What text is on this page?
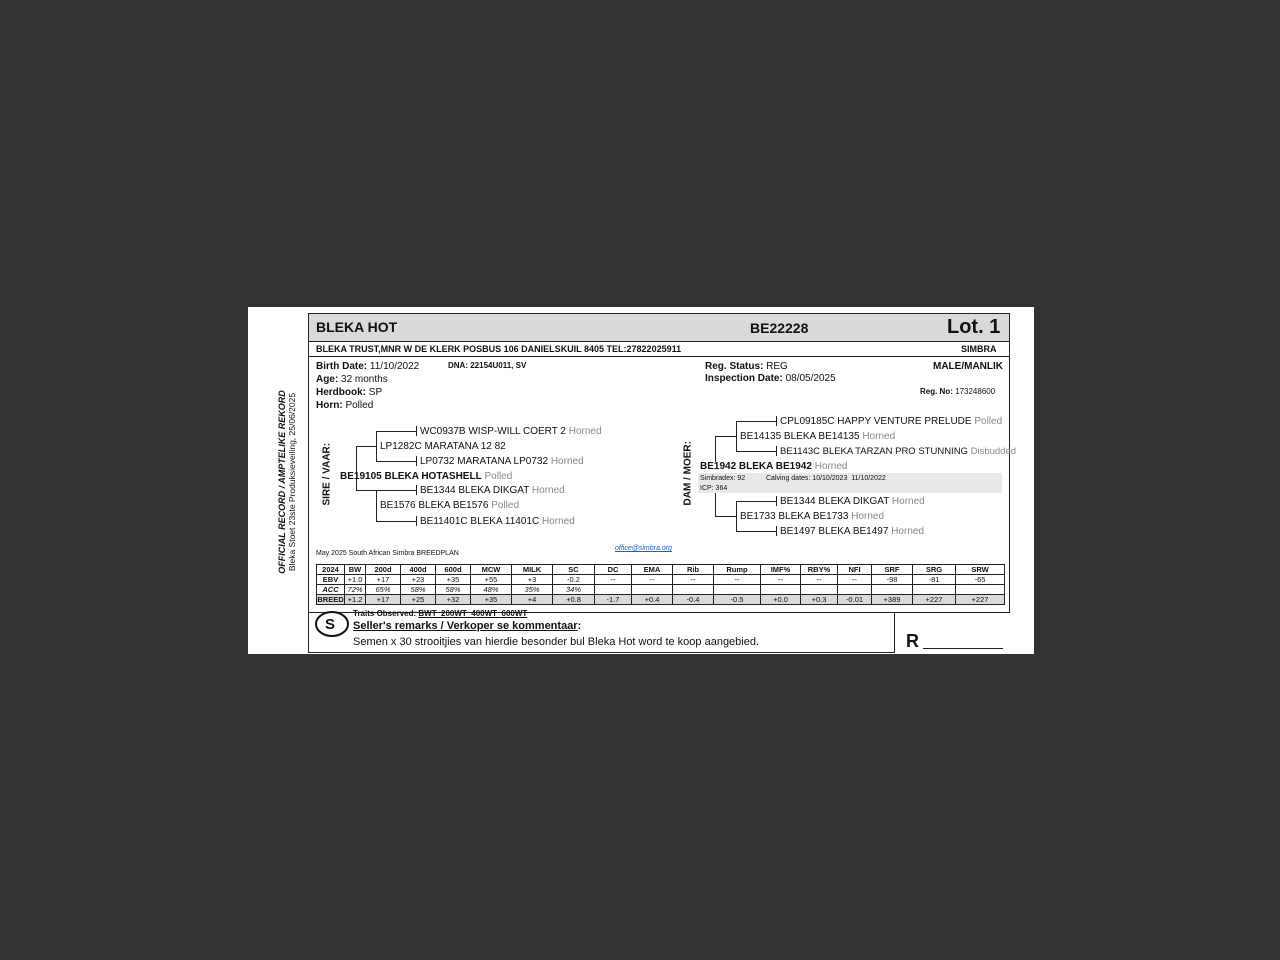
OFFICIAL RECORD / AMPTELIKE REKORD Bleka Stoet 23ste Produksieveiling, 25/06/2025
BLEKA HOT	BE22228	Lot. 1
BLEKA TRUST,MNR W DE KLERK POSBUS 106 DANIELSKUIL 8405 TEL:27822025911	SIMBRA
Birth Date: 11/10/2022	DNA: 22154U011, SV
Age: 32 months
Herdbook: SP
Horn: Polled
Reg. Status: REG
Inspection Date: 08/05/2025
MALE/MANLIK
Reg. No: 173248600
SIRE / VAAR:
WC0937B WISP-WILL COERT 2 Horned
LP1282C MARATANA 12 82
LP0732 MARATANA LP0732 Horned
BE19105 BLEKA HOTASHELL Polled
BE1344 BLEKA DIKGAT Horned
BE1576 BLEKA BE1576 Polled
BE11401C BLEKA 11401C Horned
DAM / MOER:
CPL09185C HAPPY VENTURE PRELUDE Polled
BE14135 BLEKA BE14135 Horned
BE1143C BLEKA TARZAN PRO STUNNING Disbudded
BE1942 BLEKA BE1942 Horned
Simbradex: 92	Calving dates: 10/10/2023  11/10/2022
ICP: 364
BE1344 BLEKA DIKGAT Horned
BE1733 BLEKA BE1733 Horned
BE1497 BLEKA BE1497 Horned
May 2025 South African Simbra BREEDPLAN
office@simbra.org
2024	BW	200d	400d	600d	MCW	MILK	SC	DC	EMA	Rib	Rump	IMF%	RBY%	NFI	SRF	SRG	SRW
EBV	+1.0	+17	+23	+35	+55	+3	-0.2	--	--	--	--	--	--	--	-98	-81	-65
ACC	72%	65%	58%	58%	48%	35%	34%										
BREED	+1.2	+17	+25	+32	+35	+4	+0.8	-1.7	+0.4	-0.4	-0.5	+0.0	+0.3	-0.01	+389	+227	+227
S
Traits Observed: BWT  200WT  400WT  600WT
Seller's remarks / Verkoper se kommentaar:
Semen x 30 strooitjies van hierdie besonder bul Bleka Hot word te koop aangebied.	R
